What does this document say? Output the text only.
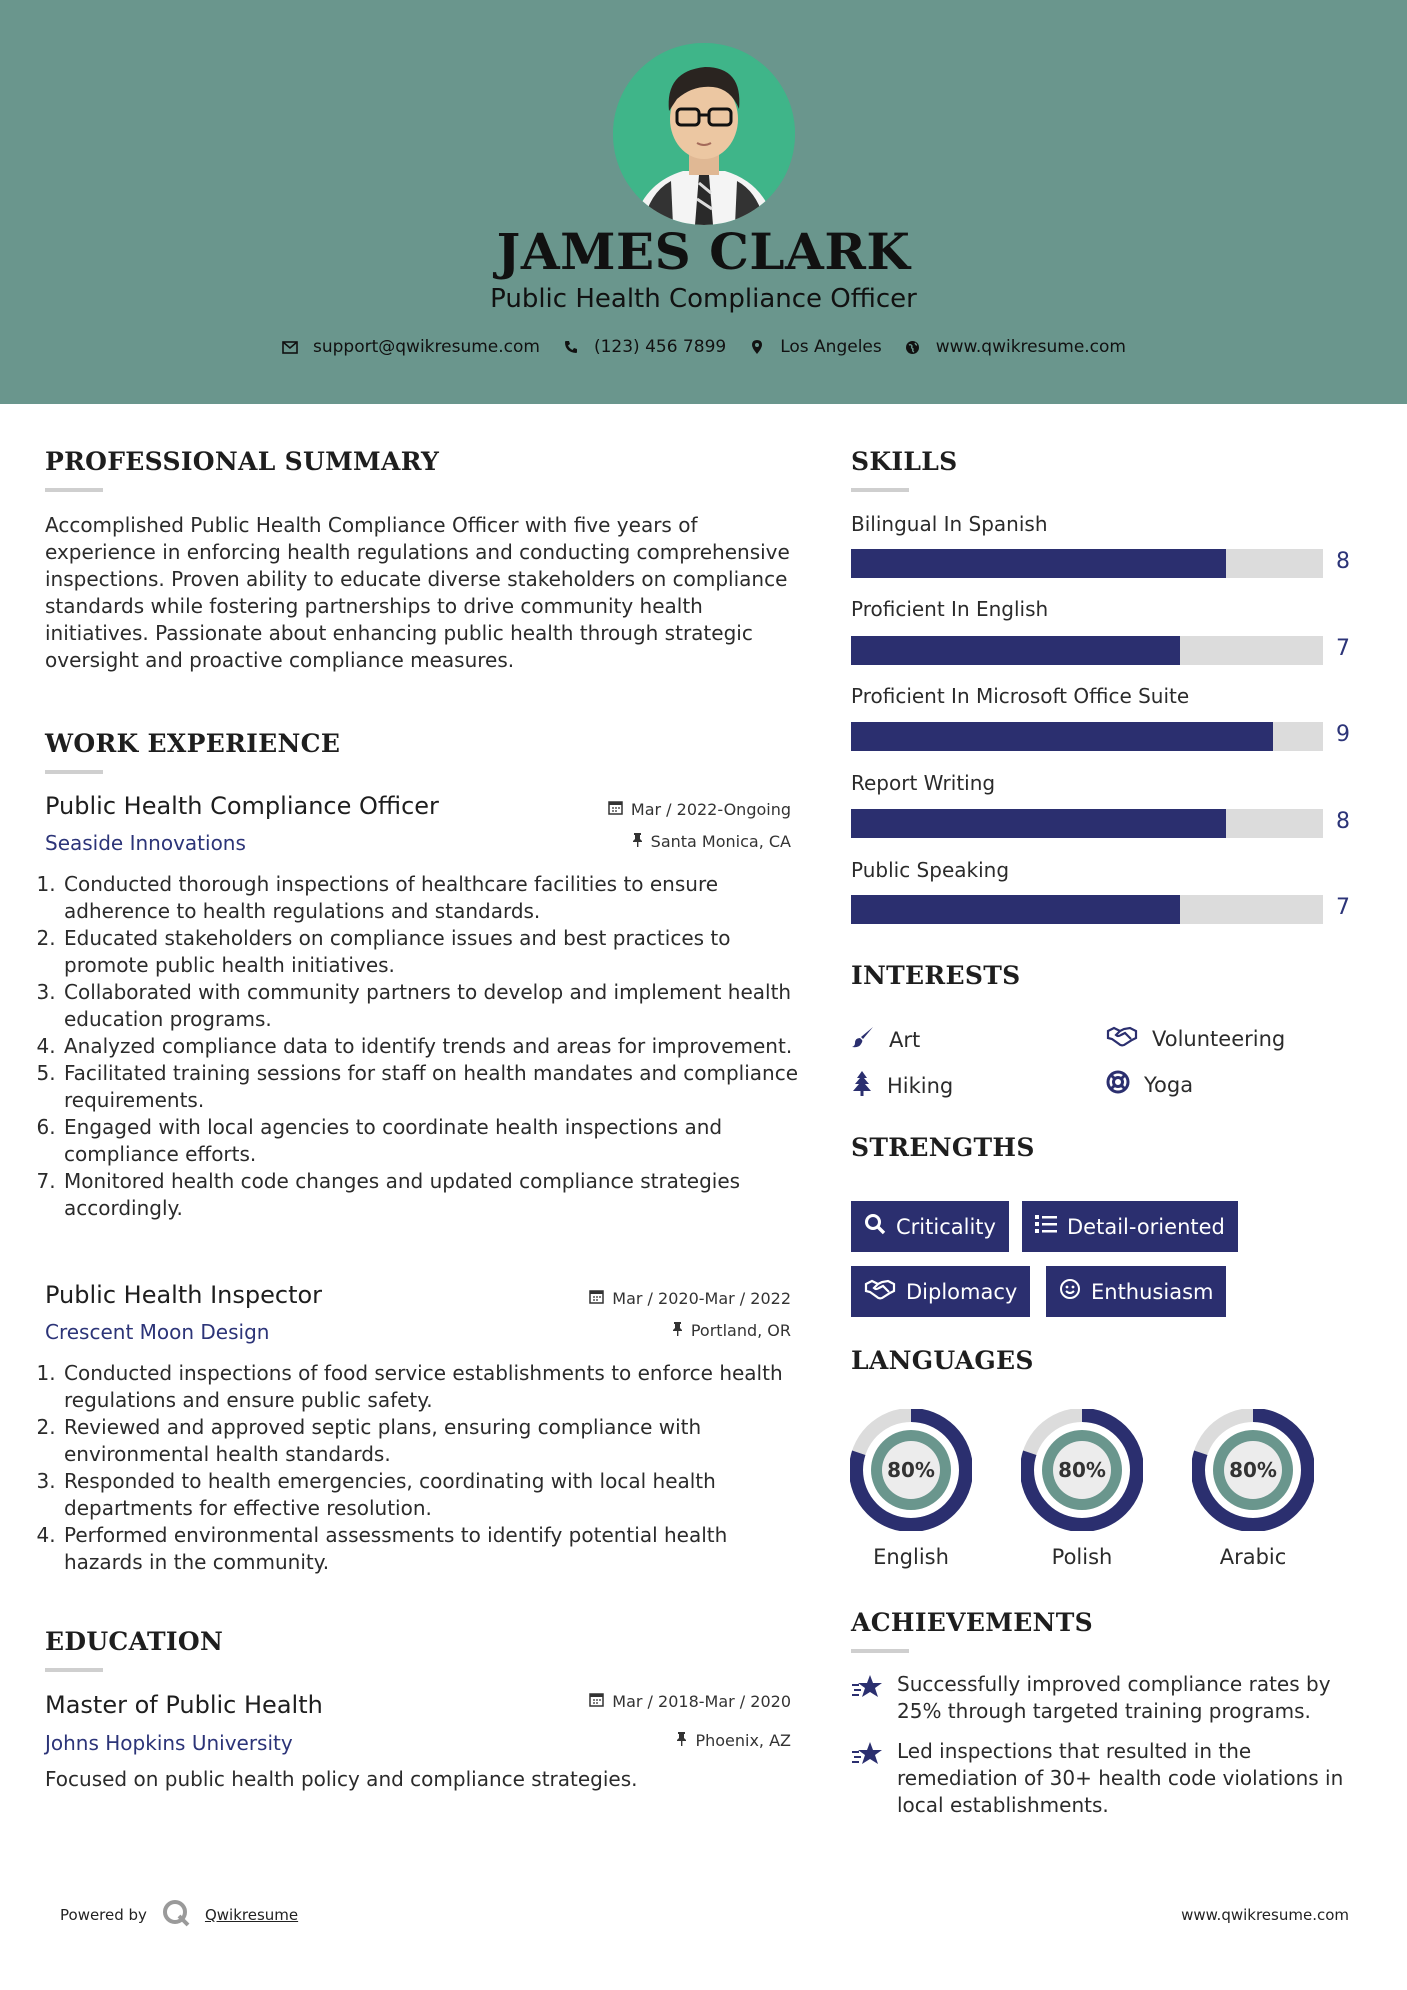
JAMES CLARK
Public Health Compliance Officer
support@qwikresume.com	(123) 456 7899	Los Angeles	www.qwikresume.com
PROFESSIONAL SUMMARY
Accomplished Public Health Compliance Officer with five years of experience in enforcing health regulations and conducting comprehensive inspections. Proven ability to educate diverse stakeholders on compliance standards while fostering partnerships to drive community health initiatives. Passionate about enhancing public health through strategic oversight and proactive compliance measures.
WORK EXPERIENCE
Public Health Compliance Officer	Mar / 2022-Ongoing
Seaside Innovations	Santa Monica, CA
1. Conducted thorough inspections of healthcare facilities to ensure adherence to health regulations and standards.
2. Educated stakeholders on compliance issues and best practices to promote public health initiatives.
3. Collaborated with community partners to develop and implement health education programs.
4. Analyzed compliance data to identify trends and areas for improvement.
5. Facilitated training sessions for staff on health mandates and compliance requirements.
6. Engaged with local agencies to coordinate health inspections and compliance efforts.
7. Monitored health code changes and updated compliance strategies accordingly.
Public Health Inspector	Mar / 2020-Mar / 2022
Crescent Moon Design	Portland, OR
1. Conducted inspections of food service establishments to enforce health regulations and ensure public safety.
2. Reviewed and approved septic plans, ensuring compliance with environmental health standards.
3. Responded to health emergencies, coordinating with local health departments for effective resolution.
4. Performed environmental assessments to identify potential health hazards in the community.
EDUCATION
Master of Public Health	Mar / 2018-Mar / 2020
Johns Hopkins University	Phoenix, AZ
Focused on public health policy and compliance strategies.
SKILLS
Bilingual In Spanish
8
Proficient In English
7
Proficient In Microsoft Office Suite
9
Report Writing
8
Public Speaking
7
INTERESTS
Art	Volunteering
Hiking	Yoga
STRENGTHS
Criticality	Detail-oriented
Diplomacy	Enthusiasm
LANGUAGES
80%
English
80%
Polish
80%
Arabic
ACHIEVEMENTS
Successfully improved compliance rates by 25% through targeted training programs.
Led inspections that resulted in the remediation of 30+ health code violations in local establishments.
Powered by	Qwikresume	www.qwikresume.com
